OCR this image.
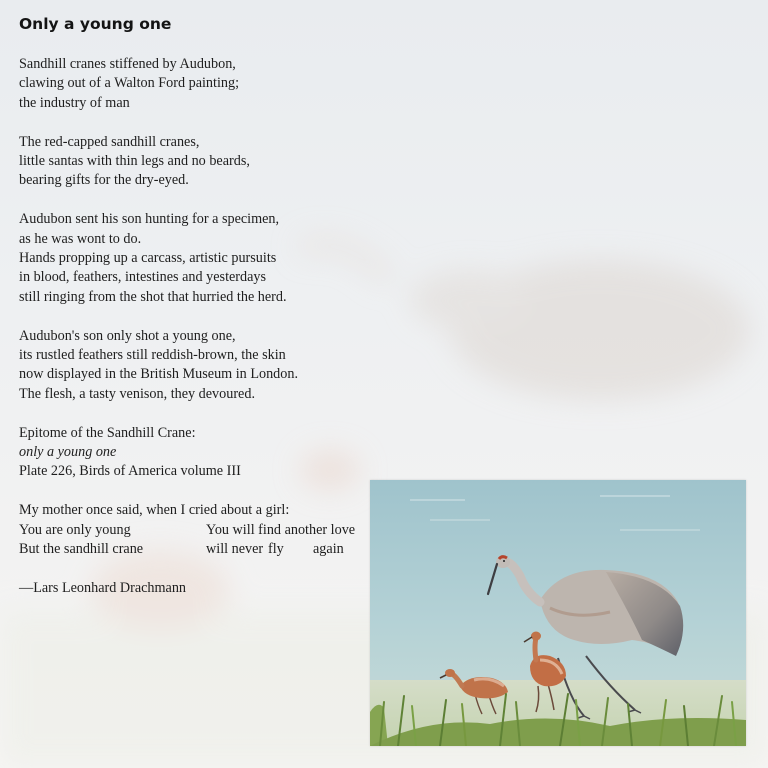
Only a young one

Sandhill cranes stiffened by Audubon,
clawing out of a Walton Ford painting;
the industry of man

The red-capped sandhill cranes,
little santas with thin legs and no beards,
bearing gifts for the dry-eyed.

Audubon sent his son hunting for a specimen,
as he was wont to do.
Hands propping up a carcass, artistic pursuits
in blood, feathers, intestines and yesterdays
still ringing from the shot that hurried the herd.

Audubon's son only shot a young one,
its rustled feathers still reddish-brown, the skin
now displayed in the British Museum in London.
The flesh, a tasty venison, they devoured.

Epitome of the Sandhill Crane:
only a young one
Plate 226, Birds of America volume III

My mother once said, when I cried about a girl:
You are only young	You will find another love
But the sandhill crane	will never fly	again

—Lars Leonhard Drachmann
